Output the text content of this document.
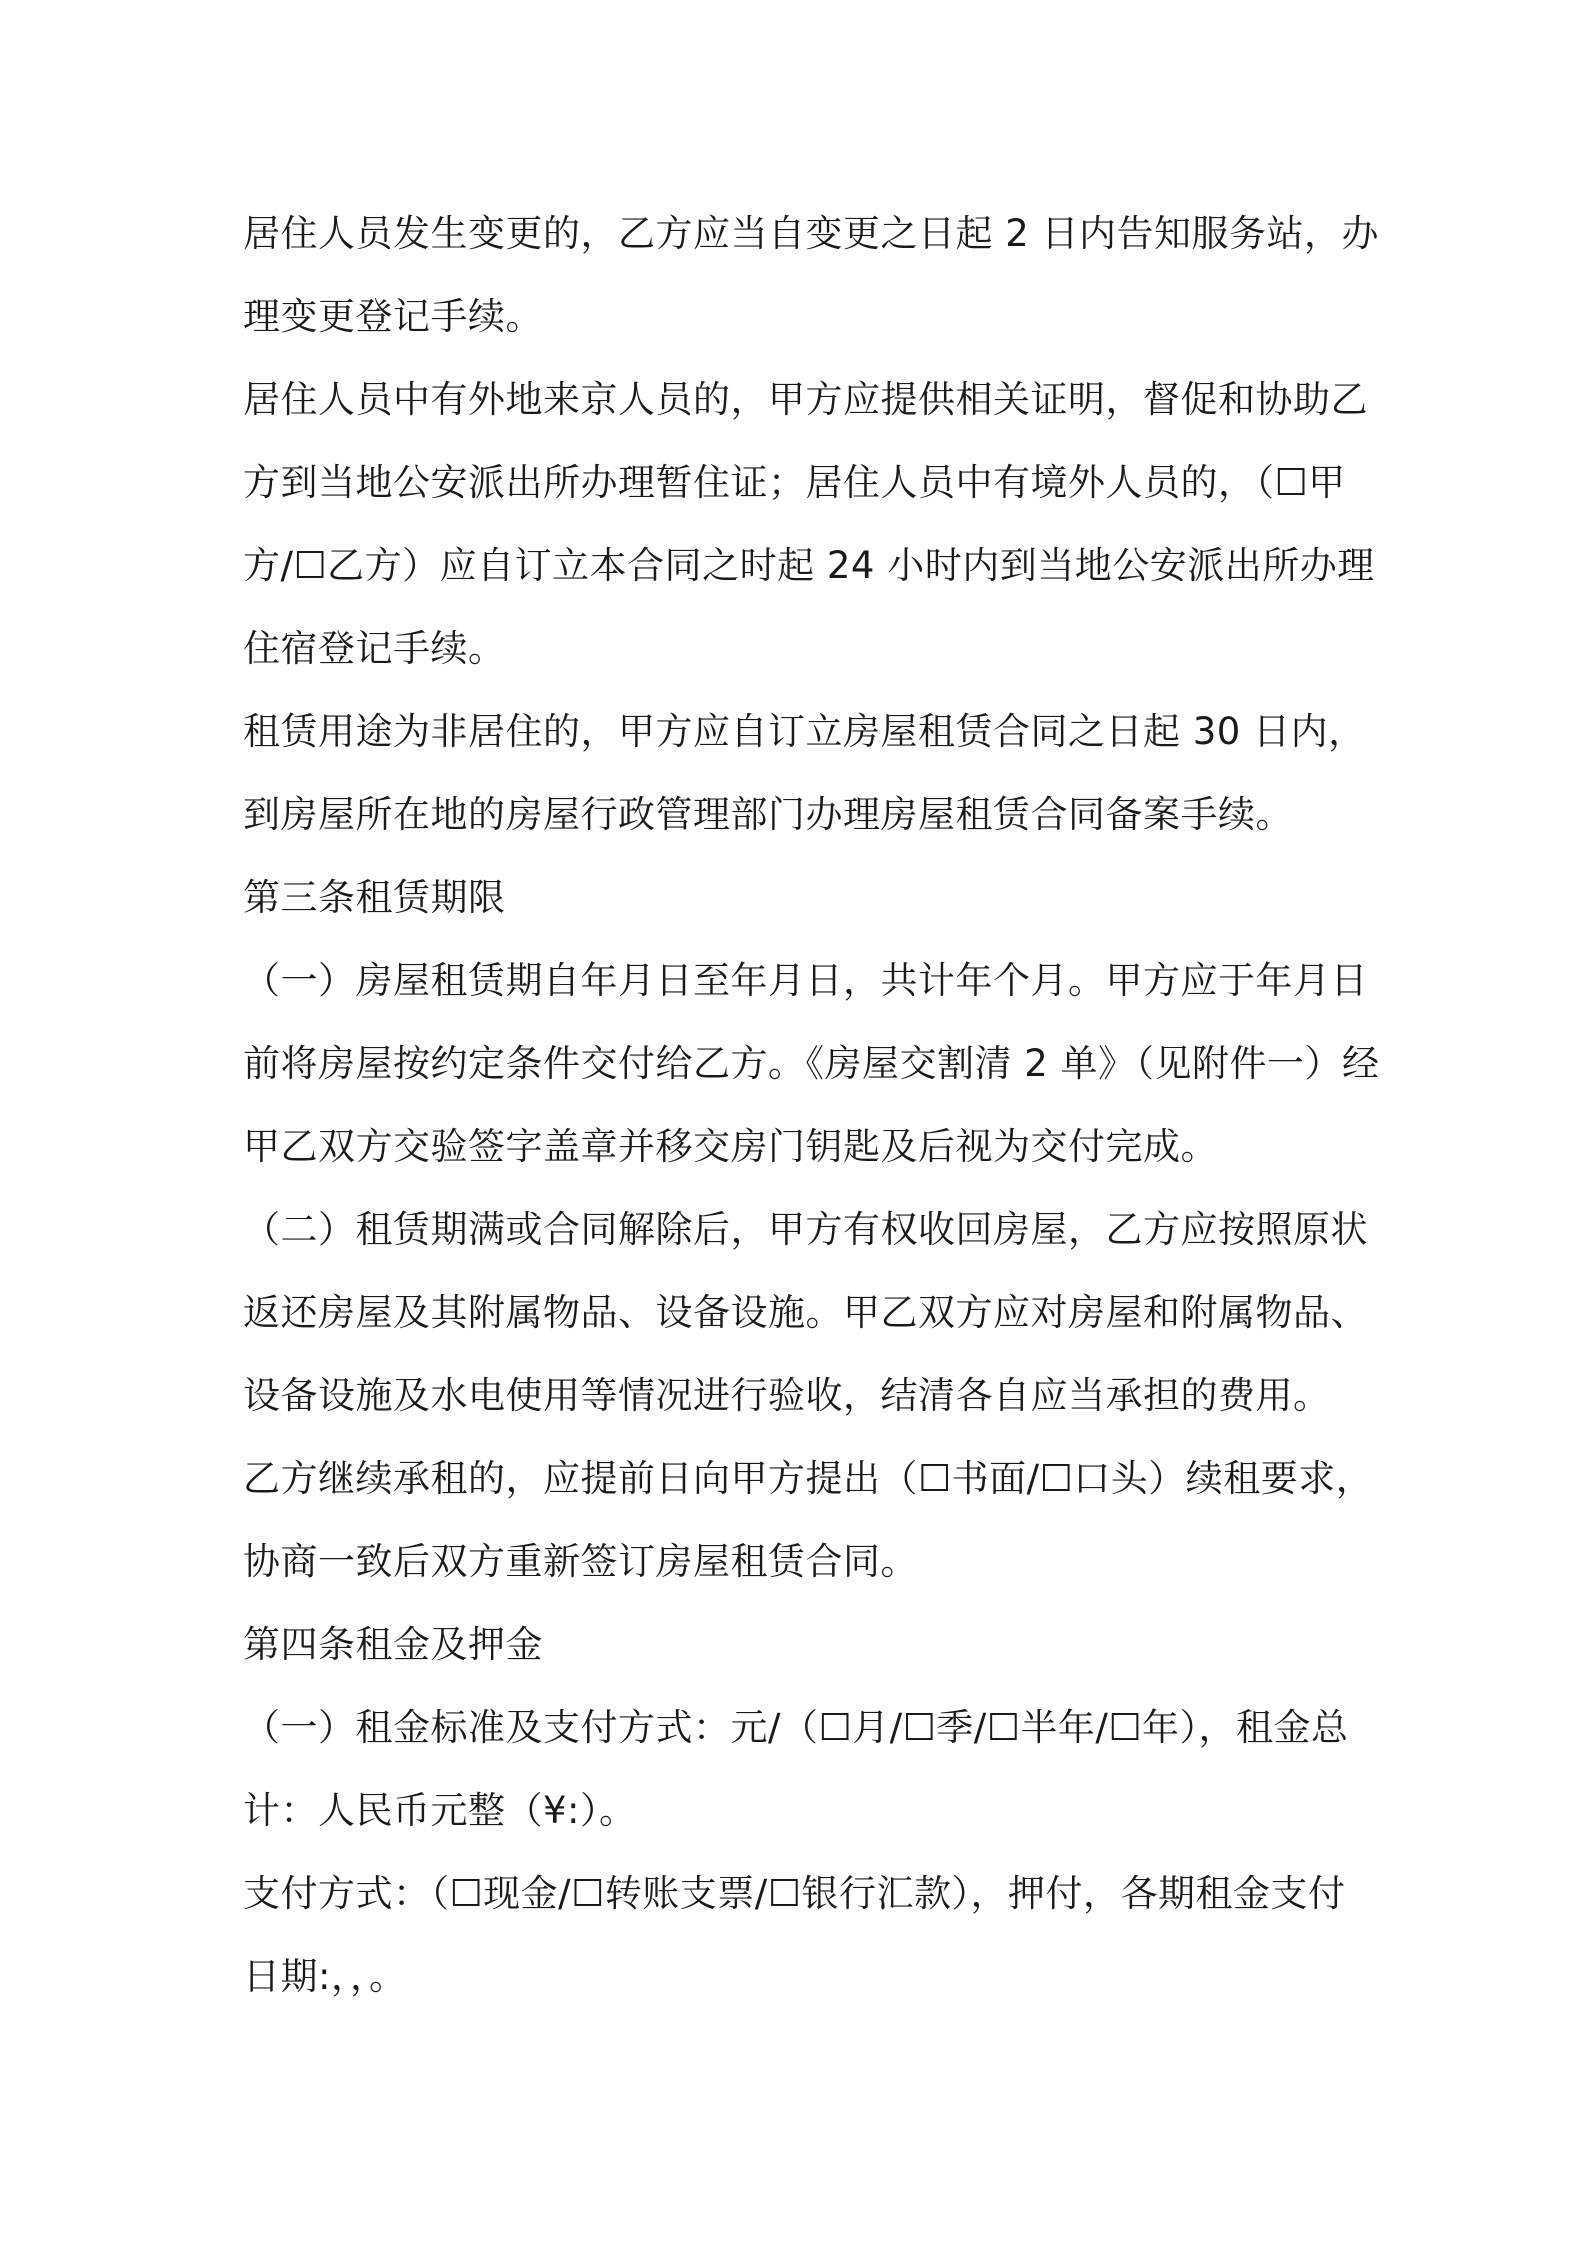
居住人员发生变更的，乙方应当自变更之日起 2 日内告知服务站，办
理变更登记手续。
居住人员中有外地来京人员的，甲方应提供相关证明，督促和协助乙
方到当地公安派出所办理暂住证；居住人员中有境外人员的，（☐甲
方/☐乙方）应自订立本合同之时起 24 小时内到当地公安派出所办理
住宿登记手续。
租赁用途为非居住的，甲方应自订立房屋租赁合同之日起 30 日内，
到房屋所在地的房屋行政管理部门办理房屋租赁合同备案手续。
第三条租赁期限
（一）房屋租赁期自年月日至年月日，共计年个月。甲方应于年月日
前将房屋按约定条件交付给乙方。《房屋交割清 2 单》（见附件一）经
甲乙双方交验签字盖章并移交房门钥匙及后视为交付完成。
（二）租赁期满或合同解除后，甲方有权收回房屋，乙方应按照原状
返还房屋及其附属物品、设备设施。甲乙双方应对房屋和附属物品、
设备设施及水电使用等情况进行验收，结清各自应当承担的费用。
乙方继续承租的，应提前日向甲方提出（☐书面/☐口头）续租要求，
协商一致后双方重新签订房屋租赁合同。
第四条租金及押金
（一）租金标准及支付方式：元/（☐月/☐季/☐半年/☐年），租金总
计：人民币元整（¥:）。
支付方式：（☐现金/☐转账支票/☐银行汇款），押付，各期租金支付
日期:，，。
